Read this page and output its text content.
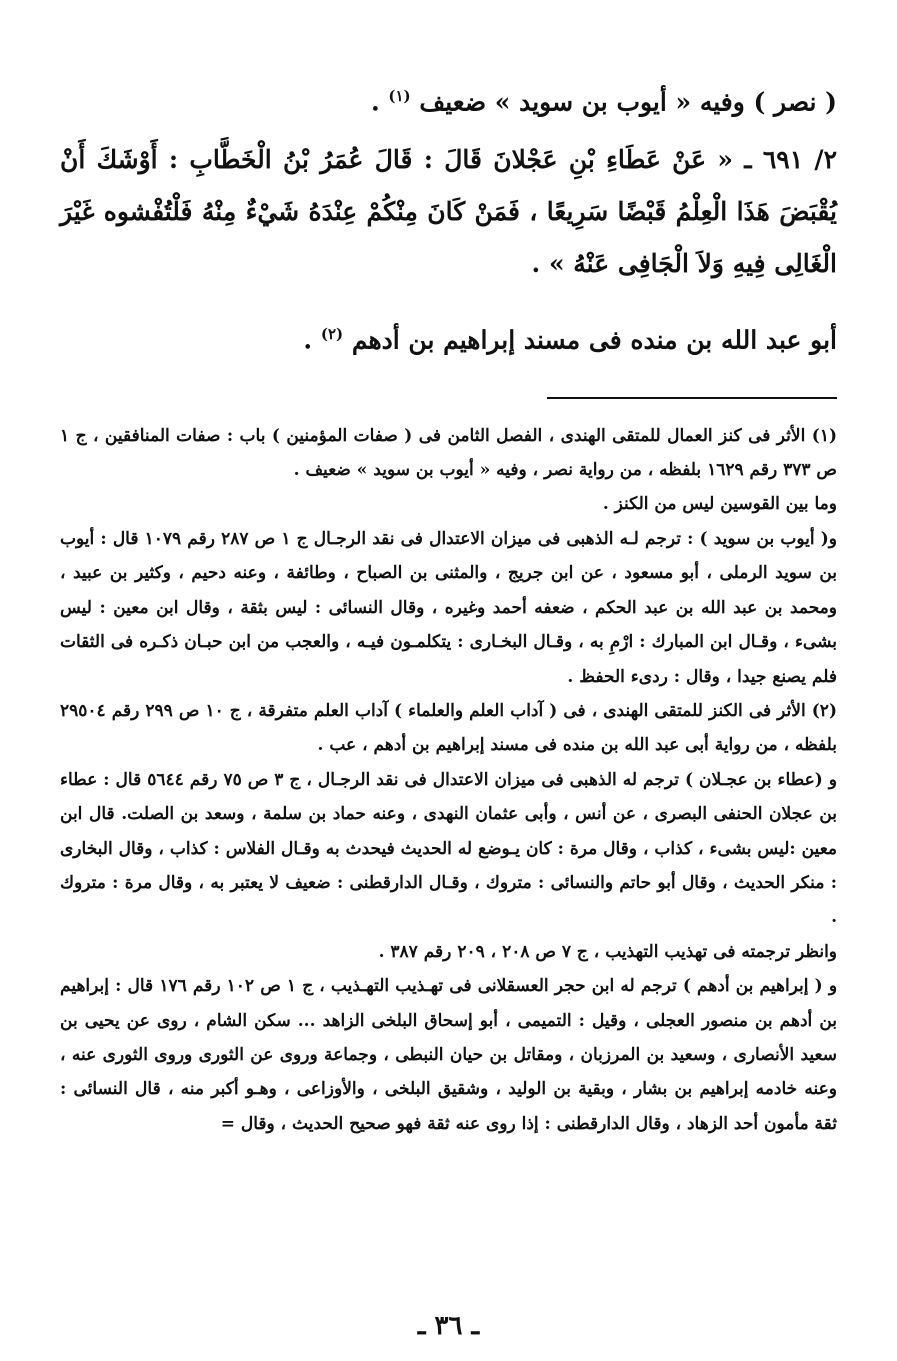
( نصر ) وفيه « أيوب بن سويد » ضعيف $^{(١)}$ .

٢/ ٦٩١ ـ « عَنْ عَطَاءِ بْنِ عَجْلانَ قَالَ : قَالَ عُمَرُ بْنُ الْخَطَّابِ : أَوْشَكَ أَنْ يُقْبَضَ هَذَا الْعِلْمُ قَبْضًا سَرِيعًا ، فَمَنْ كَانَ مِنْكُمْ عِنْدَهُ شَيْءٌ مِنْهُ فَلْتُفْشوه غَيْرَ الْغَالِى فِيهِ وَلاَ الْجَافِى عَنْهُ » .

أبو عبد الله بن منده فى مسند إبراهيم بن أدهم $^{(٢)}$ .

(١) الأثر فى كنز العمال للمتقى الهندى ، الفصل الثامن فى ( صفات المؤمنين ) باب : صفات المنافقين ، ج ١ ص ٣٧٣ رقم ١٦٢٩ بلفظه ، من رواية نصر ، وفيه « أيوب بن سويد » ضعيف .

وما بين القوسين ليس من الكنز .

و( أيوب بن سويد ) : ترجم لـه الذهبى فى ميزان الاعتدال فى نقد الرجـال ج ١ ص ٢٨٧ رقم ١٠٧٩ قال : أيوب بن سويد الرملى ، أبو مسعود ، عن ابن جريج ، والمثنى بن الصباح ، وطائفة ، وعنه دحيم ، وكثير بن عبيد ، ومحمد بن عبد الله بن عبد الحكم ، ضعفه أحمد وغيره ، وقال النسائى : ليس بثقة ، وقال ابن معين : ليس بشىء ، وقـال ابن المبارك : ارْمِ به ، وقـال البخـارى : يتكلمـون فيـه ، والعجب من ابن حبـان ذكـره فى الثقات فلم يصنع جيدا ، وقال : ردىء الحفظ .

(٢) الأثر فى الكنز للمتقى الهندى ، فى ( آداب العلم والعلماء ) آداب العلم متفرقة ، ج ١٠ ص ٢٩٩ رقم ٢٩٥٠٤ بلفظه ، من رواية أبى عبد الله بن منده فى مسند إبراهيم بن أدهم ، عب .

و (عطاء بن عجـلان ) ترجم له الذهبى فى ميزان الاعتدال فى نقد الرجـال ، ج ٣ ص ٧٥ رقم ٥٦٤٤ قال : عطاء بن عجلان الحنفى البصرى ، عن أنس ، وأبى عثمان النهدى ، وعنه حماد بن سلمة ، وسعد بن الصلت. قال ابن معين :ليس بشىء ، كذاب ، وقال مرة : كان يـوضع له الحديث فيحدث به وقـال الفلاس : كذاب ، وقال البخارى : منكر الحديث ، وقال أبو حاتم والنسائى : متروك ، وقـال الدارقطنى : ضعيف لا يعتبر به ، وقال مرة : متروك .

وانظر ترجمته فى تهذيب التهذيب ، ج ٧ ص ٢٠٨ ، ٢٠٩ رقم ٣٨٧ .

و ( إبراهيم بن أدهم ) ترجم له ابن حجر العسقلانى فى تهـذيب التهـذيب ، ج ١ ص ١٠٢ رقم ١٧٦ قال : إبراهيم بن أدهم بن منصور العجلى ، وقيل : التميمى ، أبو إسحاق البلخى الزاهد ... سكن الشام ، روى عن يحيى بن سعيد الأنصارى ، وسعيد بن المرزبان ، ومقاتل بن حيان النبطى ، وجماعة وروى عن الثورى وروى الثورى عنه ، وعنه خادمه إبراهيم بن بشار ، وبقية بن الوليد ، وشقيق البلخى ، والأوزاعى ، وهـو أكبر منه ، قال النسائى : ثقة مأمون أحد الزهاد ، وقال الدارقطنى : إذا روى عنه ثقة فهو صحيح الحديث ، وقال =

ـ ٣٦ ـ
